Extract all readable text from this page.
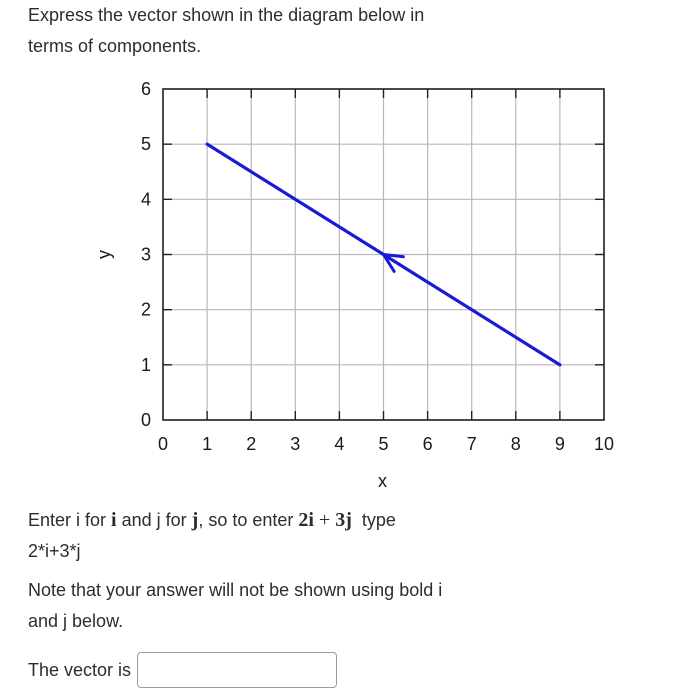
Express the vector shown in the diagram below in
terms of components.

0 1 2 3 4 5 6 7 8 9 10
0
1
2
3
4
5
6
x
y

Enter i for i and j for j, so to enter 2i + 3j  type
2*i+3*j

Note that your answer will not be shown using bold i
and j below.

The vector is
